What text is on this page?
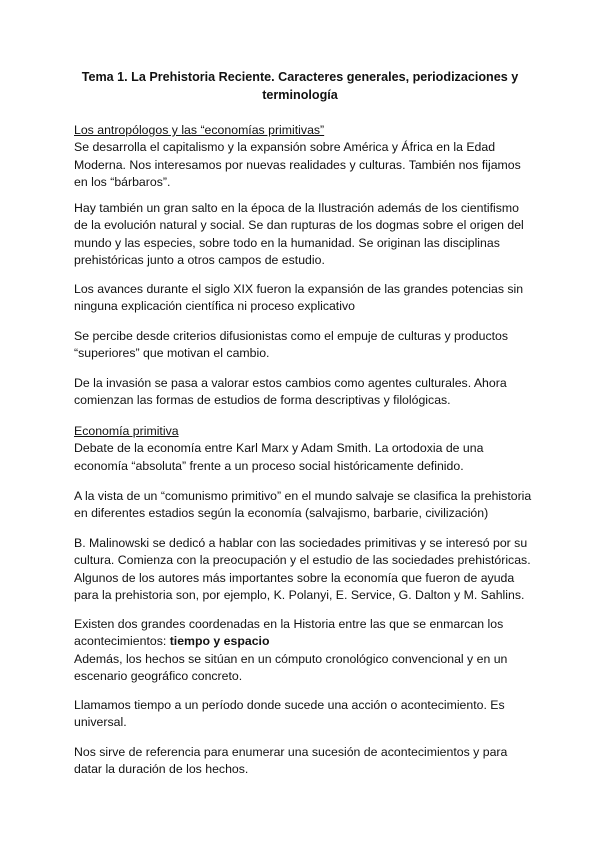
Tema 1. La Prehistoria Reciente. Caracteres generales, periodizaciones y
terminología

Los antropólogos y las “economías primitivas”

Se desarrolla el capitalismo y la expansión sobre América y África en la Edad Moderna. Nos interesamos por nuevas realidades y culturas. También nos fijamos en los “bárbaros”.

Hay también un gran salto en la época de la Ilustración además de los cientifismo de la evolución natural y social. Se dan rupturas de los dogmas sobre el origen del mundo y las especies, sobre todo en la humanidad. Se originan las disciplinas prehistóricas junto a otros campos de estudio.

Los avances durante el siglo XIX fueron la expansión de las grandes potencias sin ninguna explicación científica ni proceso explicativo

Se percibe desde criterios difusionistas como el empuje de culturas y productos “superiores” que motivan el cambio.

De la invasión se pasa a valorar estos cambios como agentes culturales. Ahora comienzan las formas de estudios de forma descriptivas y filológicas.

Economía primitiva

Debate de la economía entre Karl Marx y Adam Smith. La ortodoxia de una economía “absoluta” frente a un proceso social históricamente definido.

A la vista de un “comunismo primitivo” en el mundo salvaje se clasifica la prehistoria en diferentes estadios según la economía (salvajismo, barbarie, civilización)

B. Malinowski se dedicó a hablar con las sociedades primitivas y se interesó por su cultura. Comienza con la preocupación y el estudio de las sociedades prehistóricas. Algunos de los autores más importantes sobre la economía que fueron de ayuda para la prehistoria son, por ejemplo, K. Polanyi, E. Service, G. Dalton y M. Sahlins.

Existen dos grandes coordenadas en la Historia entre las que se enmarcan los acontecimientos: tiempo y espacio

Además, los hechos se sitúan en un cómputo cronológico convencional y en un escenario geográfico concreto.

Llamamos tiempo a un período donde sucede una acción o acontecimiento. Es universal.

Nos sirve de referencia para enumerar una sucesión de acontecimientos y para datar la duración de los hechos.
